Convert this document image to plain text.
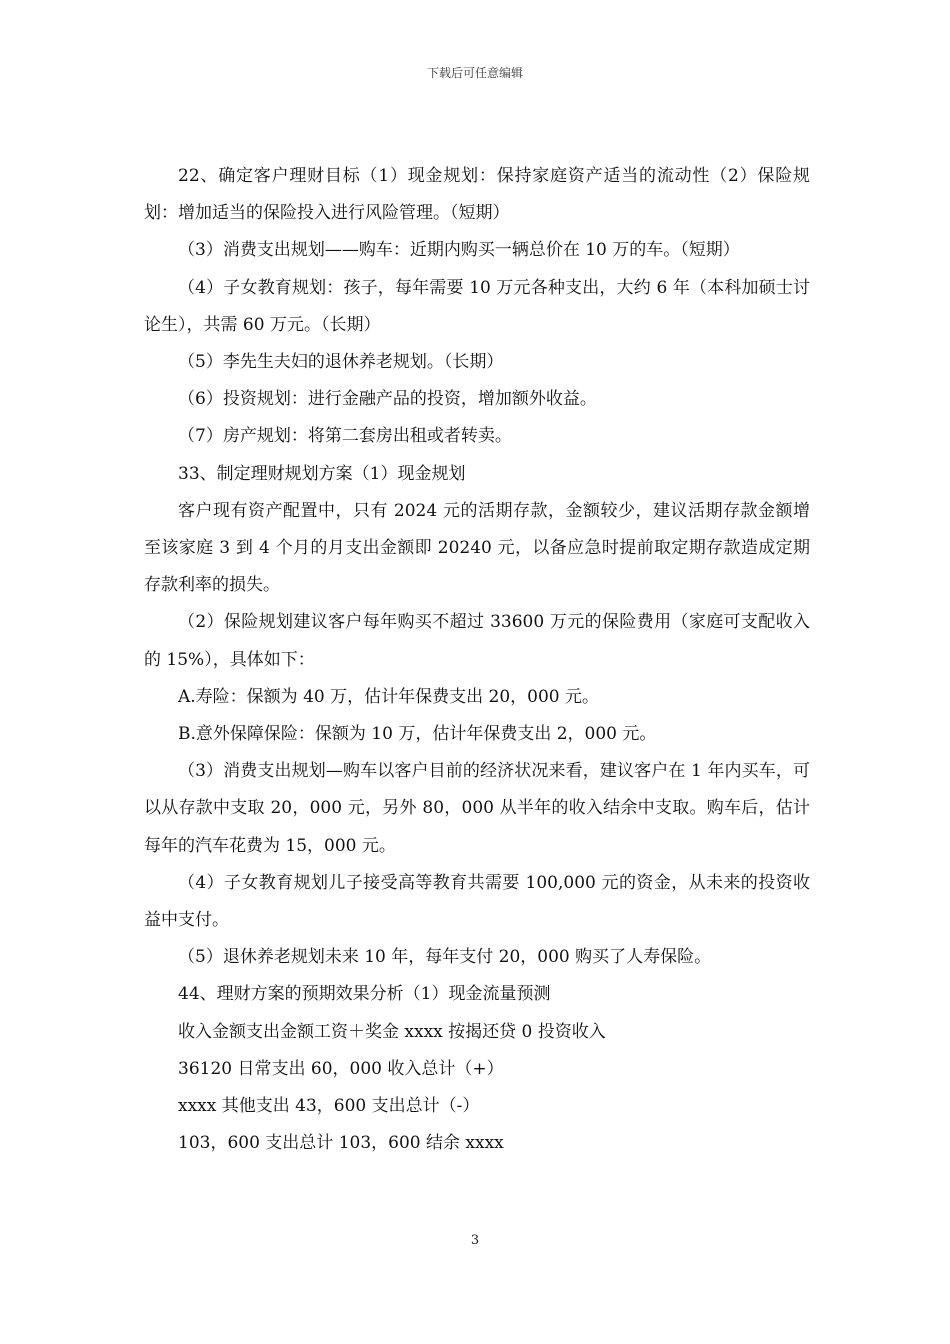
下载后可任意编辑

22、确定客户理财目标（1）现金规划：保持家庭资产适当的流动性（2）保险规划：增加适当的保险投入进行风险管理。（短期）

（3）消费支出规划——购车：近期内购买一辆总价在 10 万的车。（短期）

（4）子女教育规划：孩子，每年需要 10 万元各种支出，大约 6 年（本科加硕士讨论生），共需 60 万元。（长期）

（5）李先生夫妇的退休养老规划。（长期）

（6）投资规划：进行金融产品的投资，增加额外收益。

（7）房产规划：将第二套房出租或者转卖。

33、制定理财规划方案（1）现金规划

客户现有资产配置中，只有 2024 元的活期存款，金额较少，建议活期存款金额增至该家庭 3 到 4 个月的月支出金额即 20240 元，以备应急时提前取定期存款造成定期存款利率的损失。

（2）保险规划建议客户每年购买不超过 33600 万元的保险费用（家庭可支配收入的 15%），具体如下：

A.寿险：保额为 40 万，估计年保费支出 20，000 元。

B.意外保障保险：保额为 10 万，估计年保费支出 2，000 元。

（3）消费支出规划—购车以客户目前的经济状况来看，建议客户在 1 年内买车，可以从存款中支取 20，000 元，另外 80，000 从半年的收入结余中支取。购车后，估计每年的汽车花费为 15，000 元。

（4）子女教育规划儿子接受高等教育共需要 100,000 元的资金，从未来的投资收益中支付。

（5）退休养老规划未来 10 年，每年支付 20，000 购买了人寿保险。

44、理财方案的预期效果分析（1）现金流量预测

收入金额支出金额工资＋奖金 xxxx 按揭还贷 0 投资收入

36120 日常支出 60，000 收入总计（+）

xxxx 其他支出 43，600 支出总计（-）

103，600 支出总计 103，600 结余 xxxx

3
